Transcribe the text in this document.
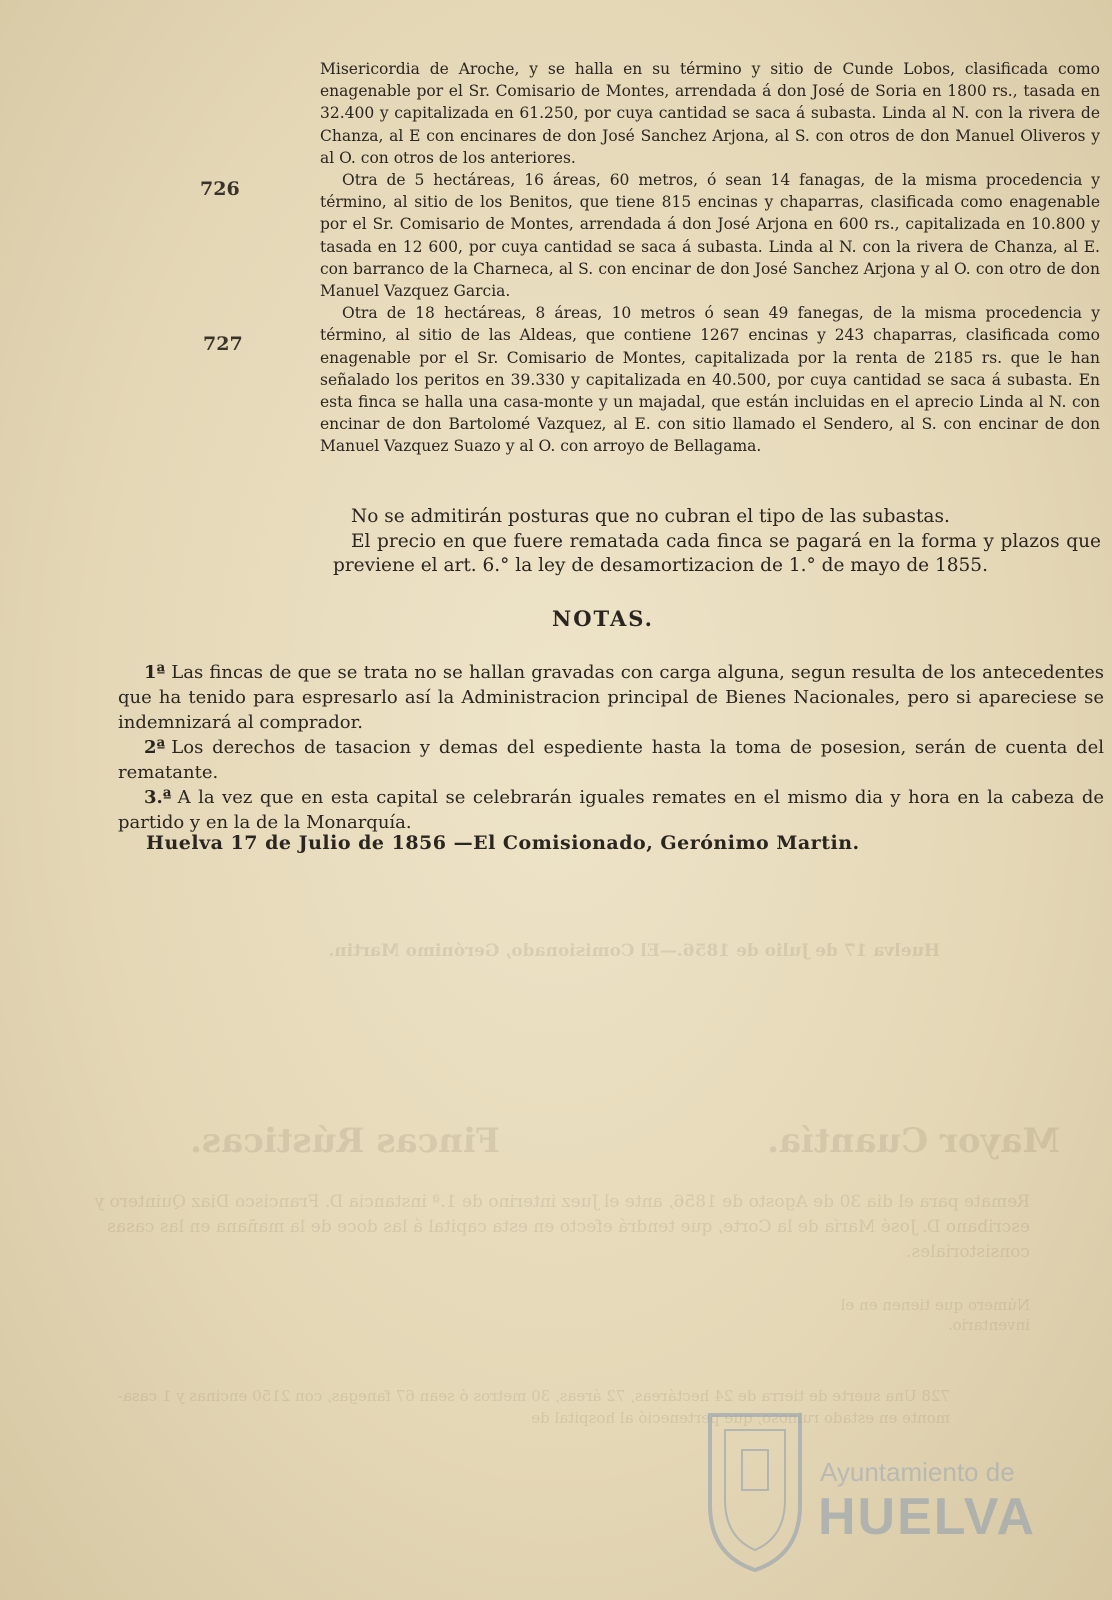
Huelva 17 de Julio de 1856.—El Comisionado, Gerónimo Martin.
Fincas Rústicas.	Mayor Cuantía.
Remate para el dia 30 de Agosto de 1856, ante el Juez interino de 1.ª instancia D. Francisco Diaz Quintero y escribano D. José María de la Corte, que tendrá efecto en esta capital á las doce de la mañana en las casas consistoriales.
Número que tienen en el inventario.
728 Una suerte de tierra de 24 hectáreas, 72 áreas, 30 metros ó sean 67 fanegas, con 2150 encinas y 1 casa-monte en estado ruinoso, que perteneció al hospital de
726
727

Misericordia de Aroche, y se halla en su término y sitio de Cunde Lobos, clasificada como enagenable por el Sr. Comisario de Montes, arrendada á don José de Soria en 1800 rs., tasada en 32.400 y capitalizada en 61.250, por cuya cantidad se saca á subasta. Linda al N. con la rivera de Chanza, al E con encinares de don José Sanchez Arjona, al S. con otros de don Manuel Oliveros y al O. con otros de los anteriores.

Otra de 5 hectáreas, 16 áreas, 60 metros, ó sean 14 fanagas, de la misma procedencia y término, al sitio de los Benitos, que tiene 815 encinas y chaparras, clasificada como enagenable por el Sr. Comisario de Montes, arrendada á don José Arjona en 600 rs., capitalizada en 10.800 y tasada en 12 600, por cuya cantidad se saca á subasta. Linda al N. con la rivera de Chanza, al E. con barranco de la Charneca, al S. con encinar de don José Sanchez Arjona y al O. con otro de don Manuel Vazquez Garcia.

Otra de 18 hectáreas, 8 áreas, 10 metros ó sean 49 fanegas, de la misma procedencia y término, al sitio de las Aldeas, que contiene 1267 encinas y 243 chaparras, clasificada como enagenable por el Sr. Comisario de Montes, capitalizada por la renta de 2185 rs. que le han señalado los peritos en 39.330 y capitalizada en 40.500, por cuya cantidad se saca á subasta. En esta finca se halla una casa-monte y un majadal, que están incluidas en el aprecio Linda al N. con encinar de don Bartolomé Vazquez, al E. con sitio llamado el Sendero, al S. con encinar de don Manuel Vazquez Suazo y al O. con arroyo de Bellagama.

No se admitirán posturas que no cubran el tipo de las subastas.

El precio en que fuere rematada cada finca se pagará en la forma y plazos que previene el art. 6.° la ley de desamortizacion de 1.° de mayo de 1855.

NOTAS.

1ª Las fincas de que se trata no se hallan gravadas con carga alguna, segun resulta de los antecedentes que ha tenido para espresarlo así la Administracion principal de Bienes Nacionales, pero si apareciese se indemnizará al comprador.

2ª Los derechos de tasacion y demas del espediente hasta la toma de posesion, serán de cuenta del rematante.

3.ª A la vez que en esta capital se celebrarán iguales remates en el mismo dia y hora en la cabeza de partido y en la de la Monarquía.

Huelva 17 de Julio de 1856 —El Comisionado, Gerónimo Martin.
Ayuntamiento de
HUELVA
